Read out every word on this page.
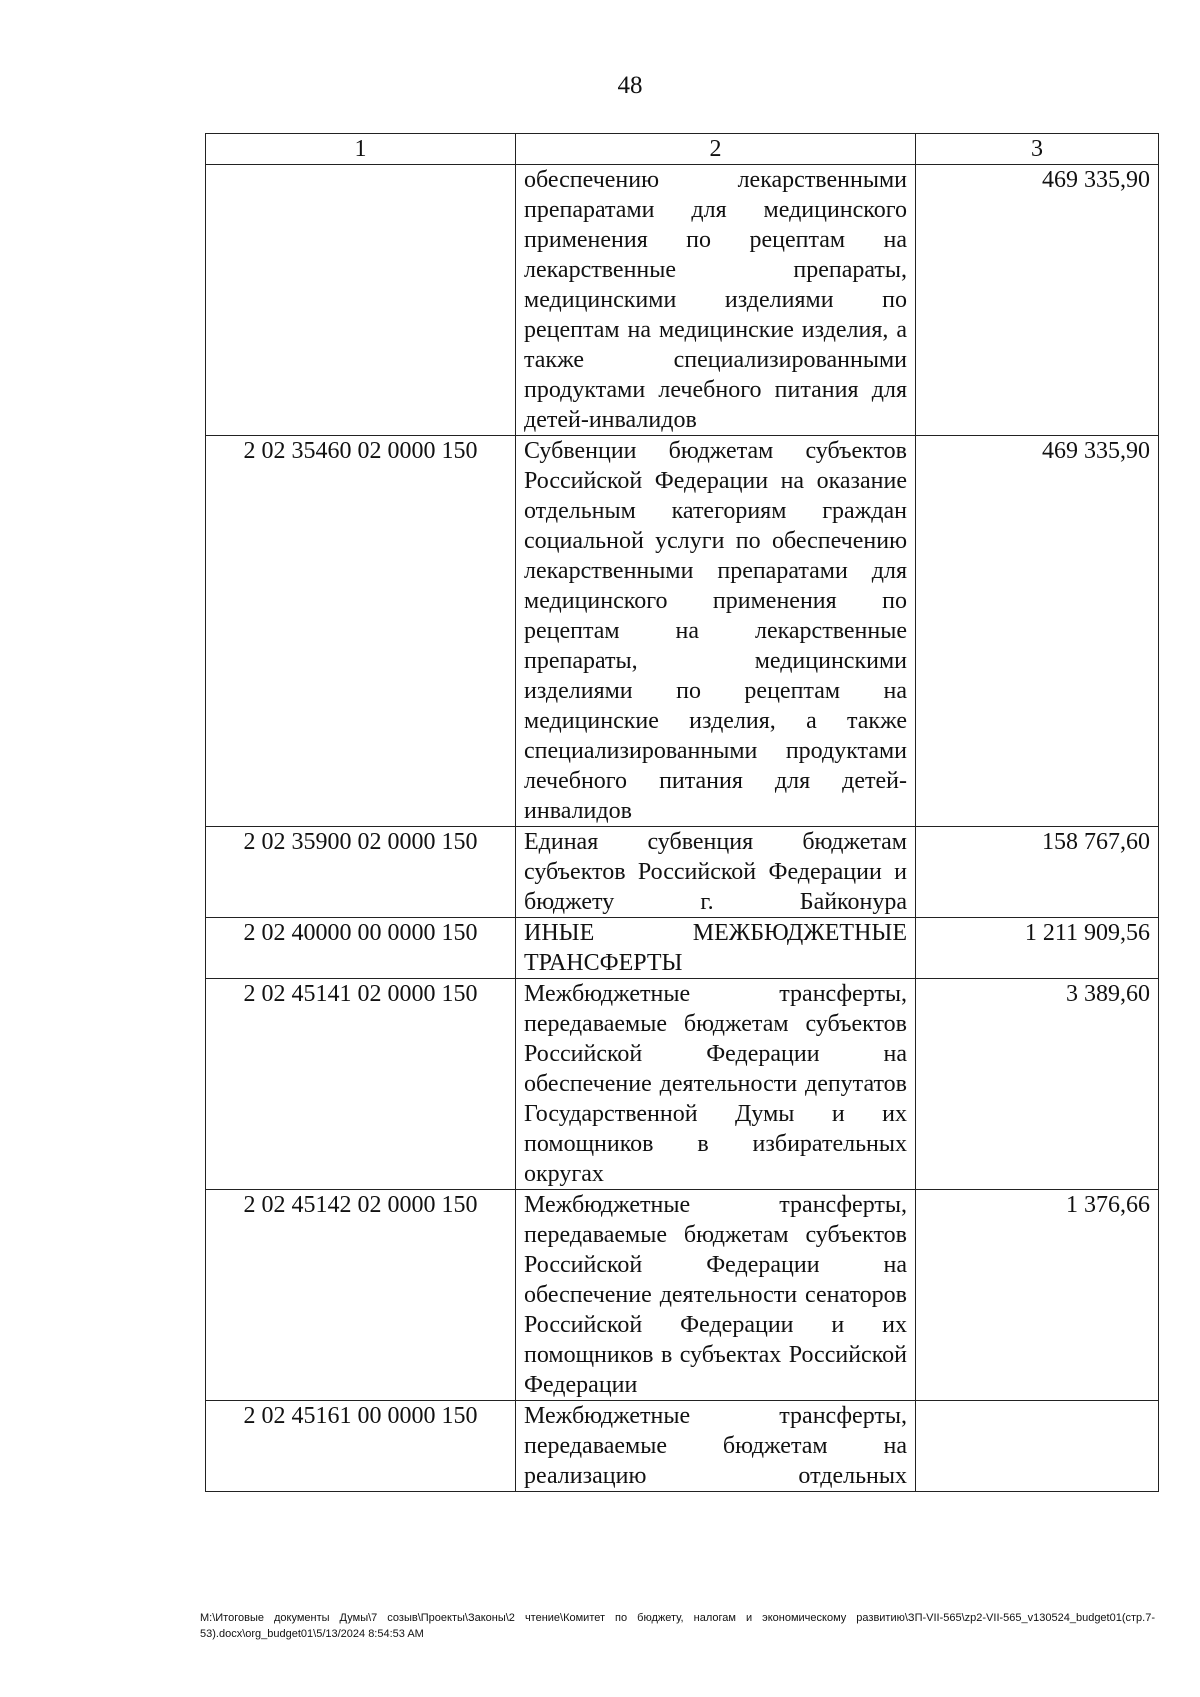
48
1	2	3
	обеспечению лекарственными препаратами для медицинского применения по рецептам на лекарственные препараты, медицинскими изделиями по рецептам на медицинские изделия, а также специализированными продуктами лечебного питания для детей-инвалидов	469 335,90
2 02 35460 02 0000 150	Субвенции бюджетам субъектов Российской Федерации на оказание отдельным категориям граждан социальной услуги по обеспечению лекарственными препаратами для медицинского применения по рецептам на лекарственные препараты, медицинскими изделиями по рецептам на медицинские изделия, а также специализированными продуктами лечебного питания для детей-инвалидов	469 335,90
2 02 35900 02 0000 150	Единая субвенция бюджетам субъектов Российской Федерации и бюджету г. Байконура	158 767,60
2 02 40000 00 0000 150	ИНЫЕ МЕЖБЮДЖЕТНЫЕ ТРАНСФЕРТЫ	1 211 909,56
2 02 45141 02 0000 150	Межбюджетные трансферты, передаваемые бюджетам субъектов Российской Федерации на обеспечение деятельности депутатов Государственной Думы и их помощников в избирательных округах	3 389,60
2 02 45142 02 0000 150	Межбюджетные трансферты, передаваемые бюджетам субъектов Российской Федерации на обеспечение деятельности сенаторов Российской Федерации и их помощников в субъектах Российской Федерации	1 376,66
2 02 45161 00 0000 150	Межбюджетные трансферты, передаваемые бюджетам на реализацию отдельных	
M:\Итоговые документы Думы\7 созыв\Проекты\Законы\2 чтение\Комитет по бюджету, налогам и экономическому развитию\ЗП-VII-565\zp2-VII-565_v130524_budget01(стр.7-53).docx\org_budget01\5/13/2024 8:54:53 AM
